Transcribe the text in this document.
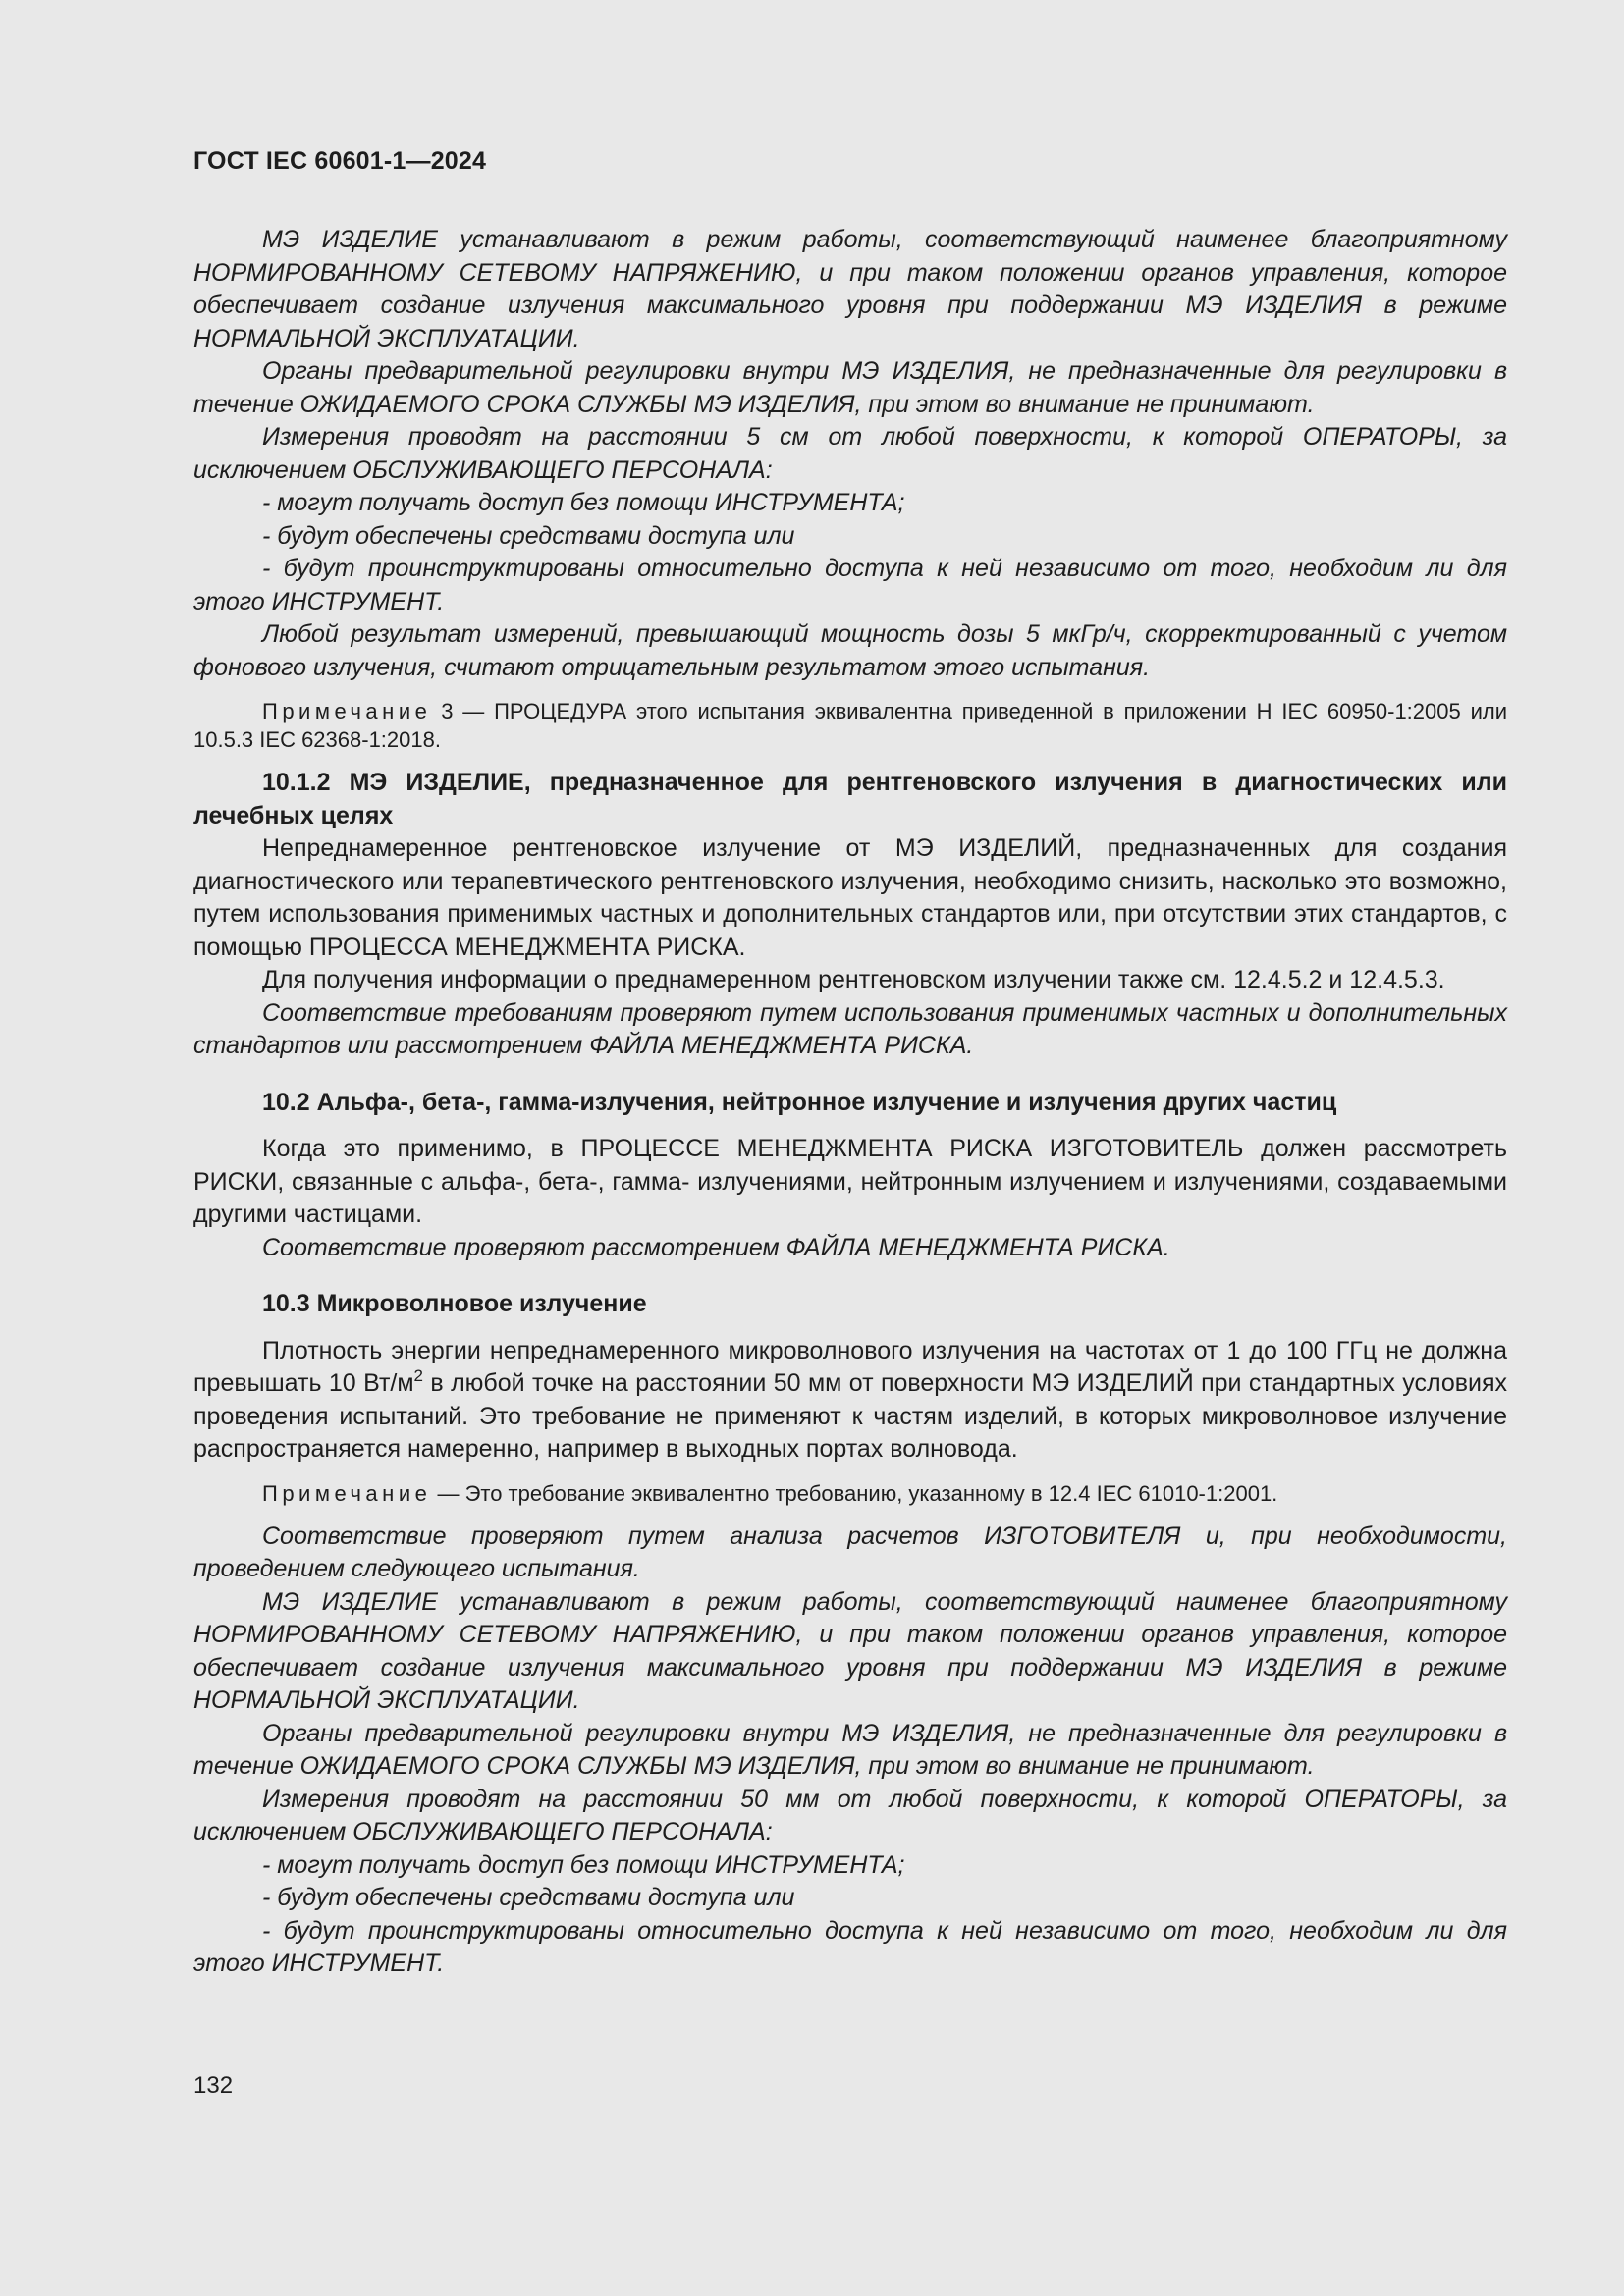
ГОСТ IEC 60601-1—2024

МЭ ИЗДЕЛИЕ устанавливают в режим работы, соответствующий наименее благоприятному НОРМИРОВАННОМУ СЕТЕВОМУ НАПРЯЖЕНИЮ, и при таком положении органов управления, которое обеспечивает создание излучения максимального уровня при поддержании МЭ ИЗДЕЛИЯ в режиме НОРМАЛЬНОЙ ЭКСПЛУАТАЦИИ.

Органы предварительной регулировки внутри МЭ ИЗДЕЛИЯ, не предназначенные для регулировки в течение ОЖИДАЕМОГО СРОКА СЛУЖБЫ МЭ ИЗДЕЛИЯ, при этом во внимание не принимают.

Измерения проводят на расстоянии 5 см от любой поверхности, к которой ОПЕРАТОРЫ, за исключением ОБСЛУЖИВАЮЩЕГО ПЕРСОНАЛА:

- могут получать доступ без помощи ИНСТРУМЕНТА;

- будут обеспечены средствами доступа или

- будут проинструктированы относительно доступа к ней независимо от того, необходим ли для этого ИНСТРУМЕНТ.

Любой результат измерений, превышающий мощность дозы 5 мкГр/ч, скорректированный с учетом фонового излучения, считают отрицательным результатом этого испытания.

Примечание 3 — ПРОЦЕДУРА этого испытания эквивалентна приведенной в приложении Н IEC 60950-1:2005 или 10.5.3 IEC 62368-1:2018.

10.1.2 МЭ ИЗДЕЛИЕ, предназначенное для рентгеновского излучения в диагностических или лечебных целях

Непреднамеренное рентгеновское излучение от МЭ ИЗДЕЛИЙ, предназначенных для создания диагностического или терапевтического рентгеновского излучения, необходимо снизить, насколько это возможно, путем использования применимых частных и дополнительных стандартов или, при отсутствии этих стандартов, с помощью ПРОЦЕССА МЕНЕДЖМЕНТА РИСКА.

Для получения информации о преднамеренном рентгеновском излучении также см. 12.4.5.2 и 12.4.5.3.

Соответствие требованиям проверяют путем использования применимых частных и дополнительных стандартов или рассмотрением ФАЙЛА МЕНЕДЖМЕНТА РИСКА.

10.2 Альфа-, бета-, гамма-излучения, нейтронное излучение и излучения других частиц

Когда это применимо, в ПРОЦЕССЕ МЕНЕДЖМЕНТА РИСКА ИЗГОТОВИТЕЛЬ должен рассмотреть РИСКИ, связанные с альфа-, бета-, гамма- излучениями, нейтронным излучением и излучениями, создаваемыми другими частицами.

Соответствие проверяют рассмотрением ФАЙЛА МЕНЕДЖМЕНТА РИСКА.

10.3 Микроволновое излучение

Плотность энергии непреднамеренного микроволнового излучения на частотах от 1 до 100 ГГц не должна превышать 10 $Вт/м^2$ в любой точке на расстоянии 50 мм от поверхности МЭ ИЗДЕЛИЙ при стандартных условиях проведения испытаний. Это требование не применяют к частям изделий, в которых микроволновое излучение распространяется намеренно, например в выходных портах волновода.

Примечание — Это требование эквивалентно требованию, указанному в 12.4 IEC 61010-1:2001.

Соответствие проверяют путем анализа расчетов ИЗГОТОВИТЕЛЯ и, при необходимости, проведением следующего испытания.

МЭ ИЗДЕЛИЕ устанавливают в режим работы, соответствующий наименее благоприятному НОРМИРОВАННОМУ СЕТЕВОМУ НАПРЯЖЕНИЮ, и при таком положении органов управления, которое обеспечивает создание излучения максимального уровня при поддержании МЭ ИЗДЕЛИЯ в режиме НОРМАЛЬНОЙ ЭКСПЛУАТАЦИИ.

Органы предварительной регулировки внутри МЭ ИЗДЕЛИЯ, не предназначенные для регулировки в течение ОЖИДАЕМОГО СРОКА СЛУЖБЫ МЭ ИЗДЕЛИЯ, при этом во внимание не принимают.

Измерения проводят на расстоянии 50 мм от любой поверхности, к которой ОПЕРАТОРЫ, за исключением ОБСЛУЖИВАЮЩЕГО ПЕРСОНАЛА:

- могут получать доступ без помощи ИНСТРУМЕНТА;

- будут обеспечены средствами доступа или

- будут проинструктированы относительно доступа к ней независимо от того, необходим ли для этого ИНСТРУМЕНТ.

132
